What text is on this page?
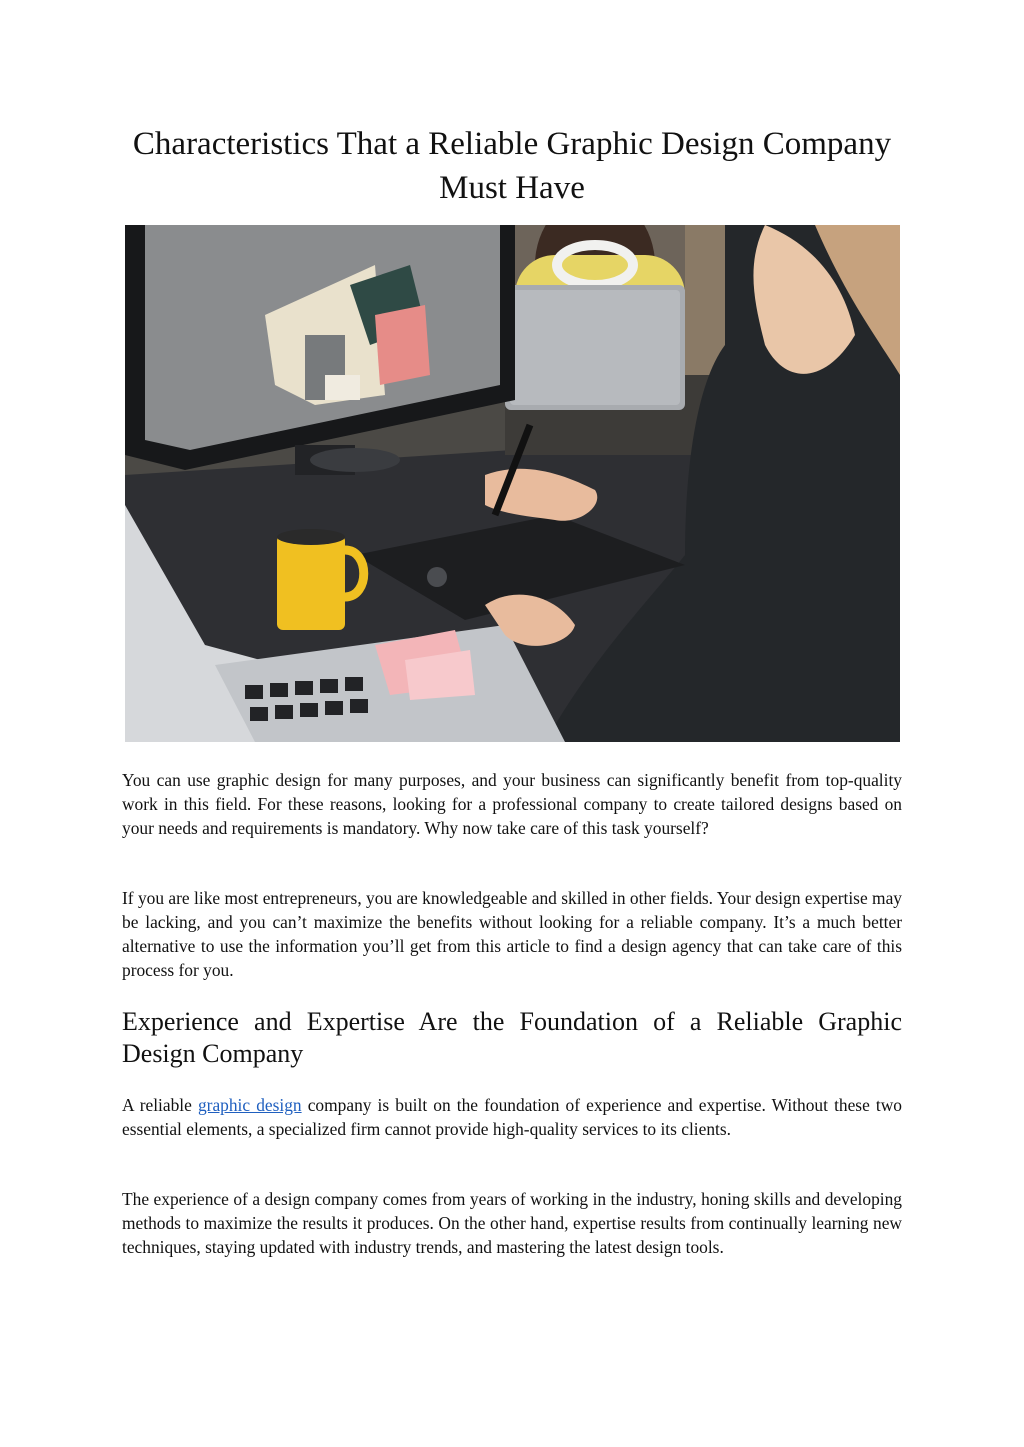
Characteristics That a Reliable Graphic Design Company Must Have

You can use graphic design for many purposes, and your business can significantly benefit from top-quality work in this field. For these reasons, looking for a professional company to create tailored designs based on your needs and requirements is mandatory. Why now take care of this task yourself?

If you are like most entrepreneurs, you are knowledgeable and skilled in other fields. Your design expertise may be lacking, and you can’t maximize the benefits without looking for a reliable company. It’s a much better alternative to use the information you’ll get from this article to find a design agency that can take care of this process for you.

Experience and Expertise Are the Foundation of a Reliable Graphic Design Company

A reliable graphic design company is built on the foundation of experience and expertise. Without these two essential elements, a specialized firm cannot provide high-quality services to its clients.

The experience of a design company comes from years of working in the industry, honing skills and developing methods to maximize the results it produces. On the other hand, expertise results from continually learning new techniques, staying updated with industry trends, and mastering the latest design tools.
